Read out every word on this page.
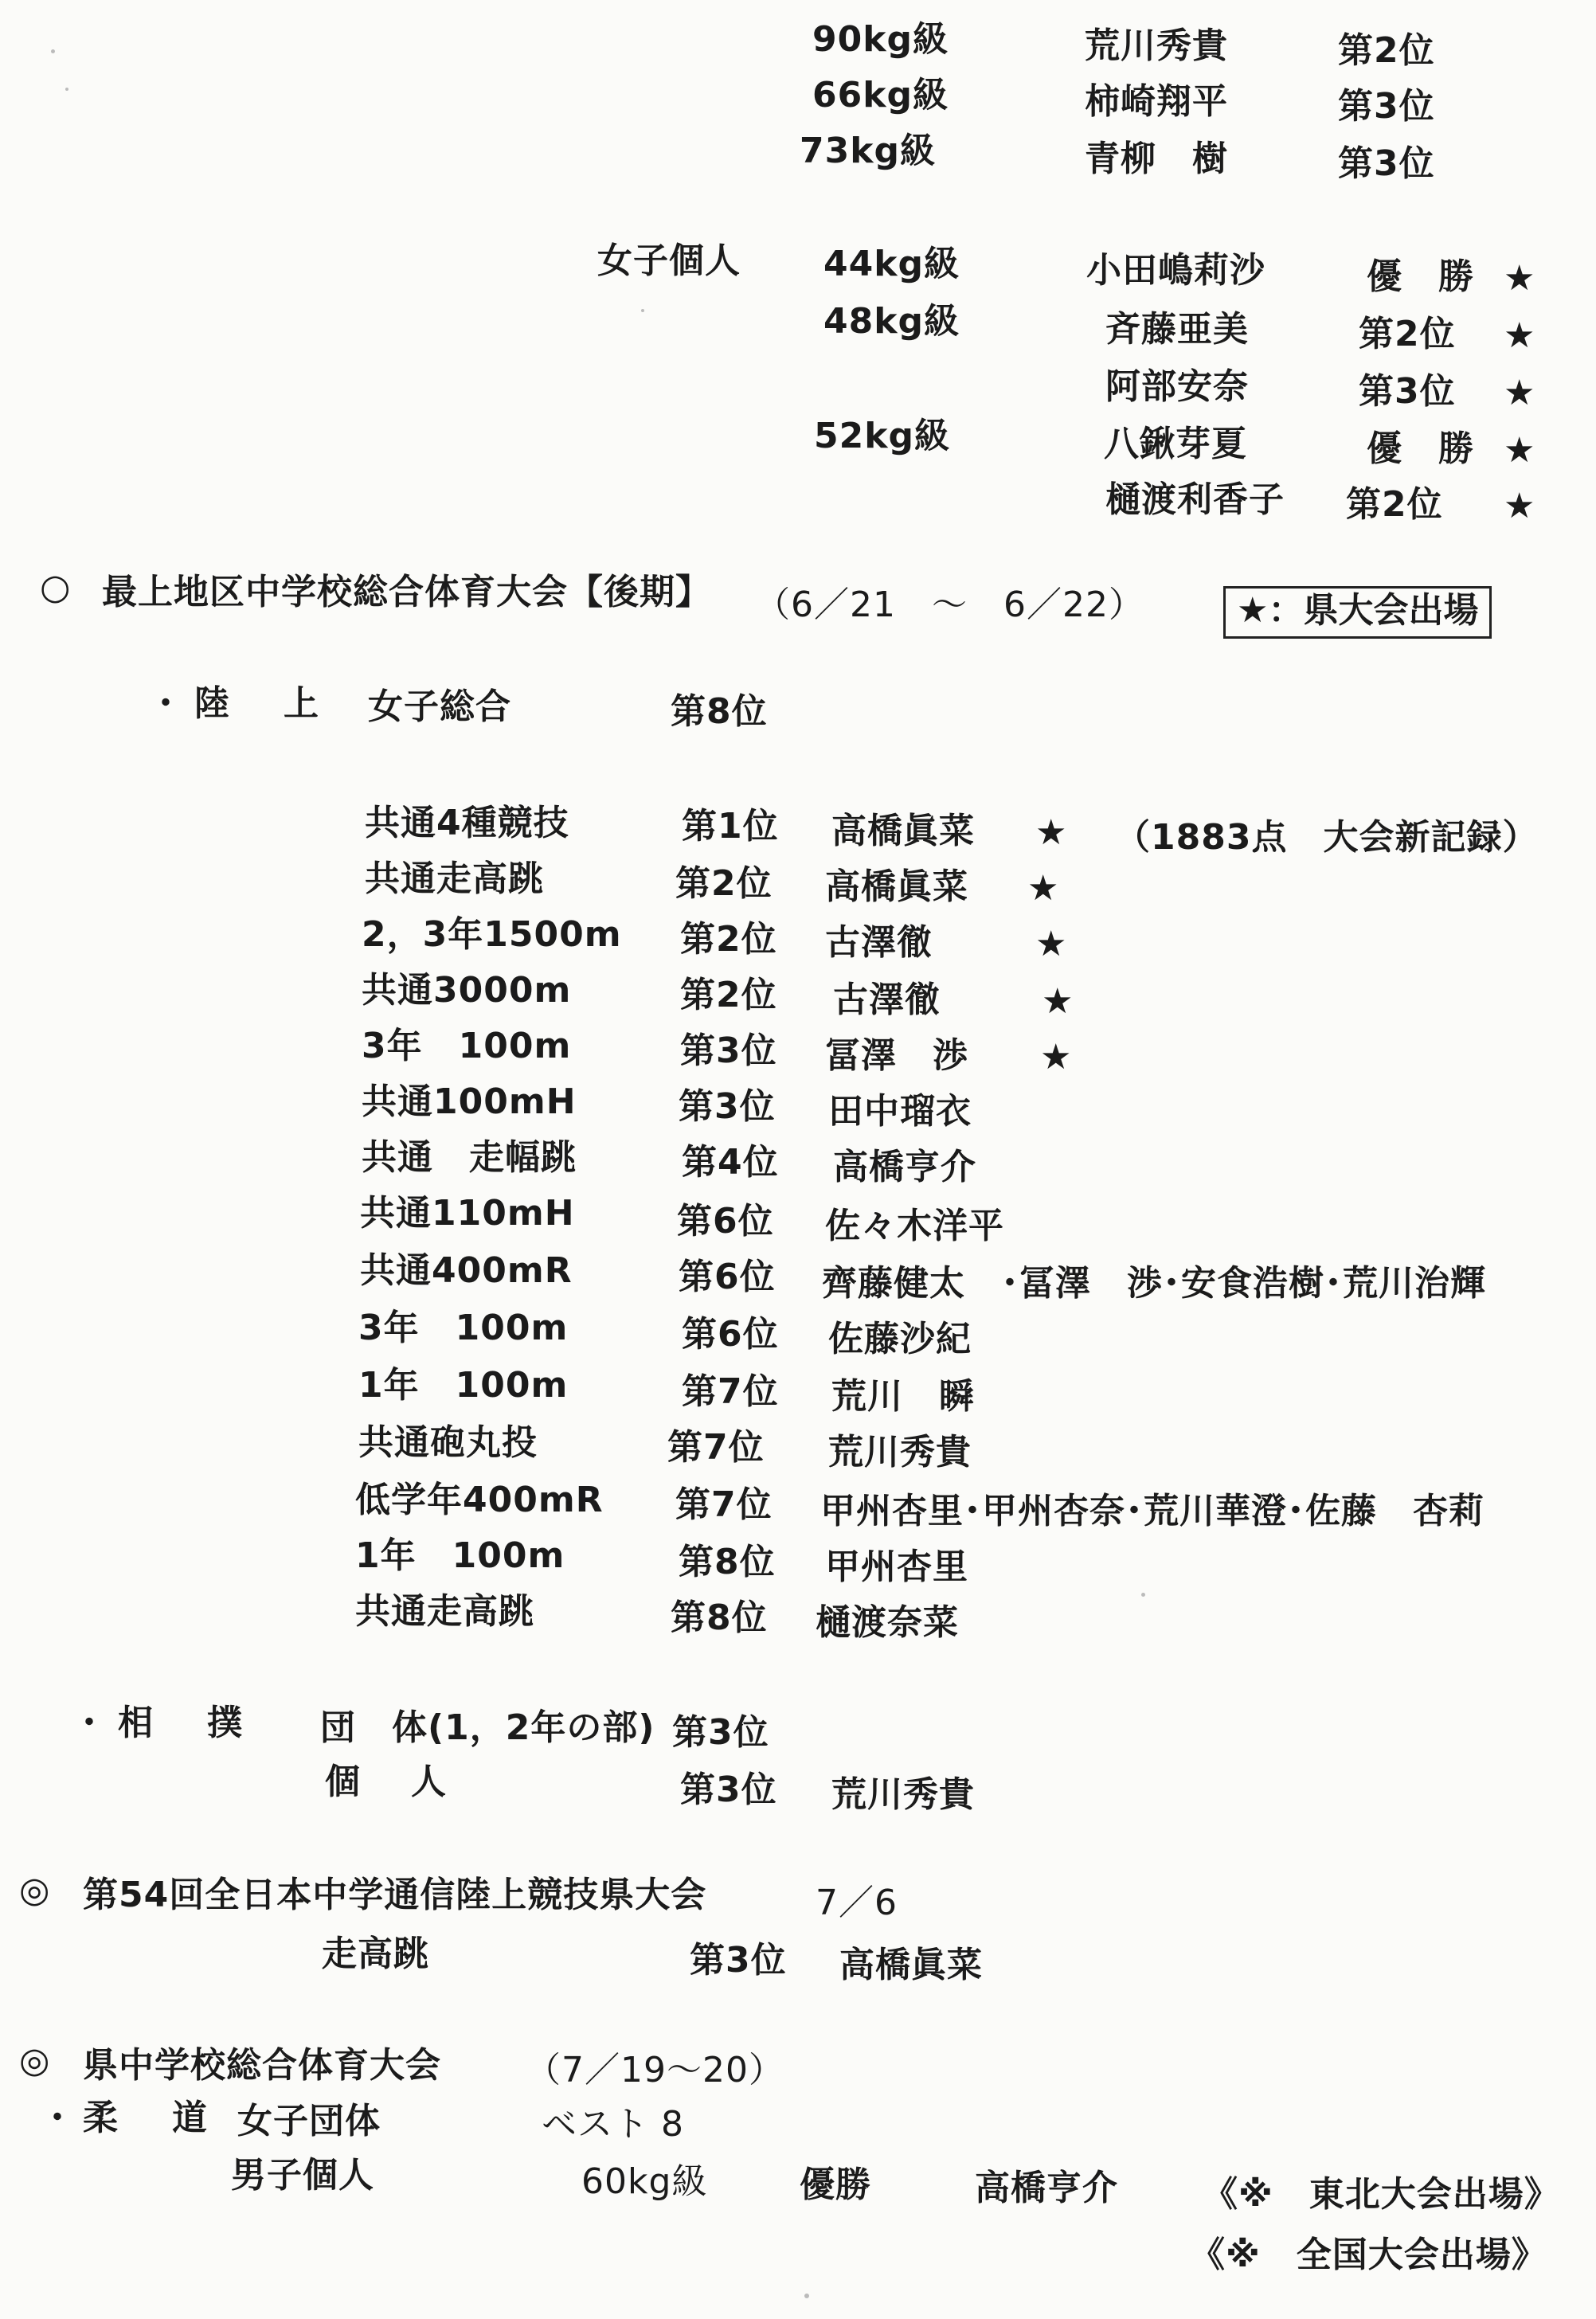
90kg級	荒川秀貴	第2位
66kg級	柿崎翔平	第3位
73kg級	青柳　樹	第3位
女子個人 44kg級	小田嶋莉沙	優　勝 ★
48kg級	斉藤亜美	第2位 ★
阿部安奈	第3位 ★
52kg級	八鍬芽夏	優　勝 ★
樋渡利香子 第2位 ★
○ 最上地区中学校総合体育大会【後期】 （6／21　～　6／22）	★：県大会出場
・ 陸　上 女子総合	第8位
共通4種競技	第1位 高橋眞菜 ★ （1883点　大会新記録）
共通走高跳	第2位 高橋眞菜 ★
2，3年1500m 第2位 古澤徹	★
共通3000m	第2位 古澤徹	★
3年　100m	第3位 冨澤　渉 ★
共通100mH	第3位 田中瑠衣
共通　走幅跳	第4位 高橋亨介
共通110mH	第6位 佐々木洋平
共通400mR	第6位 齊藤健太　･冨澤　渉･安食浩樹･荒川治輝
3年　100m	第6位 佐藤沙紀
1年　100m	第7位 荒川　瞬
共通砲丸投	第7位 荒川秀貴
低学年400mR 第7位 甲州杏里･甲州杏奈･荒川華澄･佐藤　杏莉
1年　100m	第8位 甲州杏里
共通走高跳	第8位 樋渡奈菜
・ 相　撲 団　体(1，2年の部) 第3位
個　人	第3位 荒川秀貴
◎ 第54回全日本中学通信陸上競技県大会	7／6
走高跳	第3位 高橋眞菜
◎ 県中学校総合体育大会 （7／19～20）
・ 柔　道 女子団体	ベスト 8
男子個人	60kg級	優勝	高橋亨介 《※　東北大会出場》
《※　全国大会出場》
